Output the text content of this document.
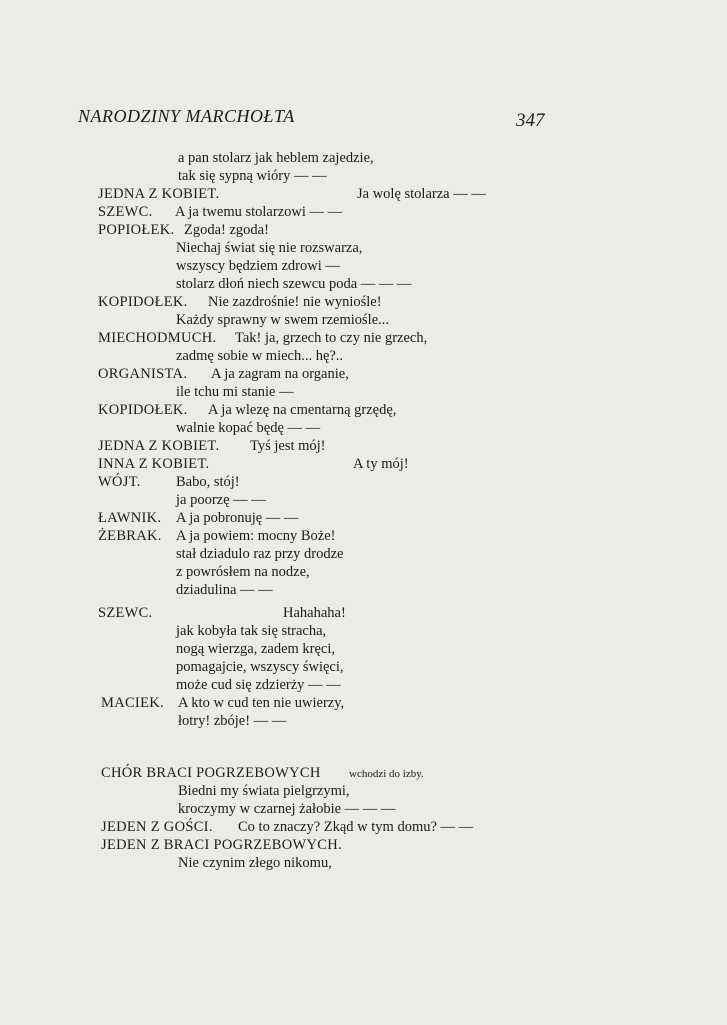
NARODZINY MARCHOŁTA	347
a pan stolarz jak heblem zajedzie,
tak się sypną wióry — —
JEDNA Z KOBIET.	Ja wolę stolarza — —
SZEWC. A ja twemu stolarzowi — —
POPIOŁEK. Zgoda! zgoda!
Niechaj świat się nie rozswarza,
wszyscy będziem zdrowi —
stolarz dłoń niech szewcu poda — — —
KOPIDOŁEK. Nie zazdrośnie! nie wyniośle!
Każdy sprawny w swem rzemiośle...
MIECHODMUCH. Tak! ja, grzech to czy nie grzech,
zadmę sobie w miech... hę?..
ORGANISTA. A ja zagram na organie,
ile tchu mi stanie —
KOPIDOŁEK. A ja wlezę na cmentarną grzędę,
walnie kopać będę — —
JEDNA Z KOBIET. Tyś jest mój!
INNA Z KOBIET.	A ty mój!
WÓJT. Babo, stój!
ja poorzę — —
ŁAWNIK. A ja pobronuję — —
ŻEBRAK. A ja powiem: mocny Boże!
stał dziadulo raz przy drodze
z powrósłem na nodze,
dziadulina — —
SZEWC.	Hahahaha!
jak kobyła tak się stracha,
nogą wierzga, zadem kręci,
pomagajcie, wszyscy święci,
może cud się zdzierży — —
MACIEK. A kto w cud ten nie uwierzy,
łotry! zbóje! — —
CHÓR BRACI POGRZEBOWYCH	wchodzi do izby.
Biedni my świata pielgrzymi,
kroczymy w czarnej żałobie — — —
JEDEN Z GOŚCI. Co to znaczy? Zkąd w tym domu? — —
JEDEN Z BRACI POGRZEBOWYCH.
Nie czynim złego nikomu,
